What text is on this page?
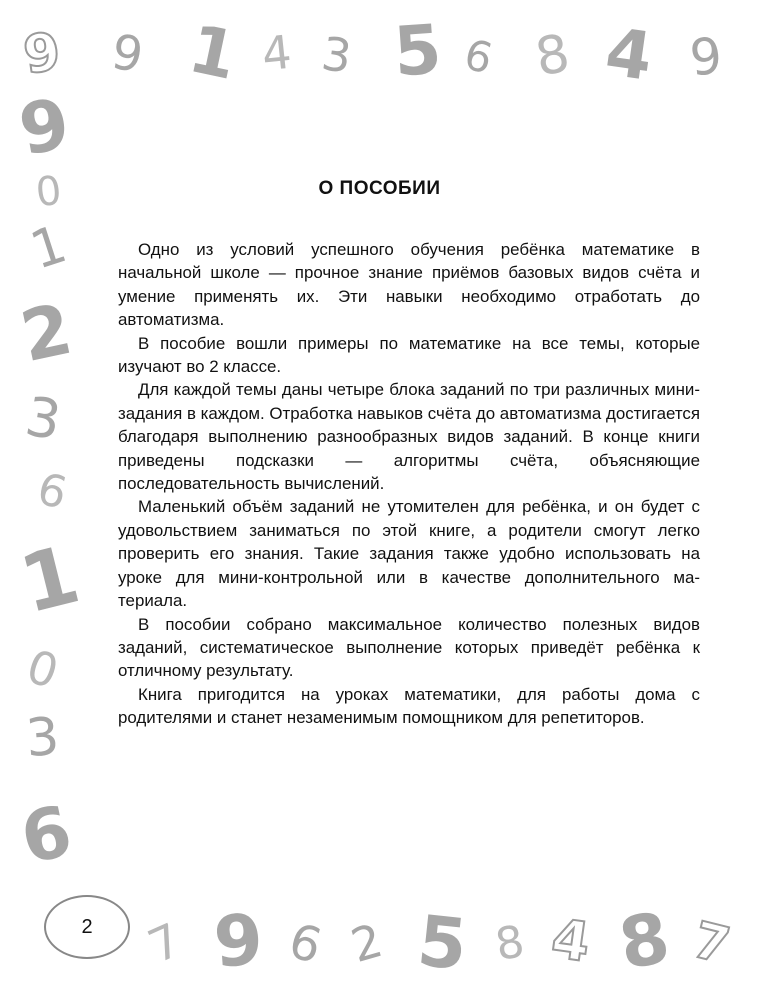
9 9 1 4 3 5 6 8 4 9
9
0
1
2
3
6
1
0
3
6
7 9 6 2 5 8 4 8 7
О ПОСОБИИ

Одно из условий успешного обучения ребёнка математике в начальной школе — прочное знание приёмов базовых видов счёта и умение применять их. Эти навыки необходимо отработать до автоматизма.

В пособие вошли примеры по математике на все темы, которые изучают во 2 классе.

Для каждой темы даны четыре блока заданий по три различных мини-задания в каждом. Отработка навыков счёта до автоматизма достигается благодаря выполнению разнообразных видов заданий. В конце книги приведены подсказки — алгоритмы счёта, объясняющие последовательность вычислений.

Маленький объём заданий не утомителен для ребёнка, и он будет с удовольствием заниматься по этой книге, а родители смогут легко проверить его знания. Такие задания также удобно использовать на уроке для мини-контрольной или в качестве дополнительного материала.

В пособии собрано максимальное количество полезных видов заданий, систематическое выполнение которых приведёт ребёнка к отличному результату.

Книга пригодится на уроках математики, для работы дома с родителями и станет незаменимым помощником для репетиторов.

2
